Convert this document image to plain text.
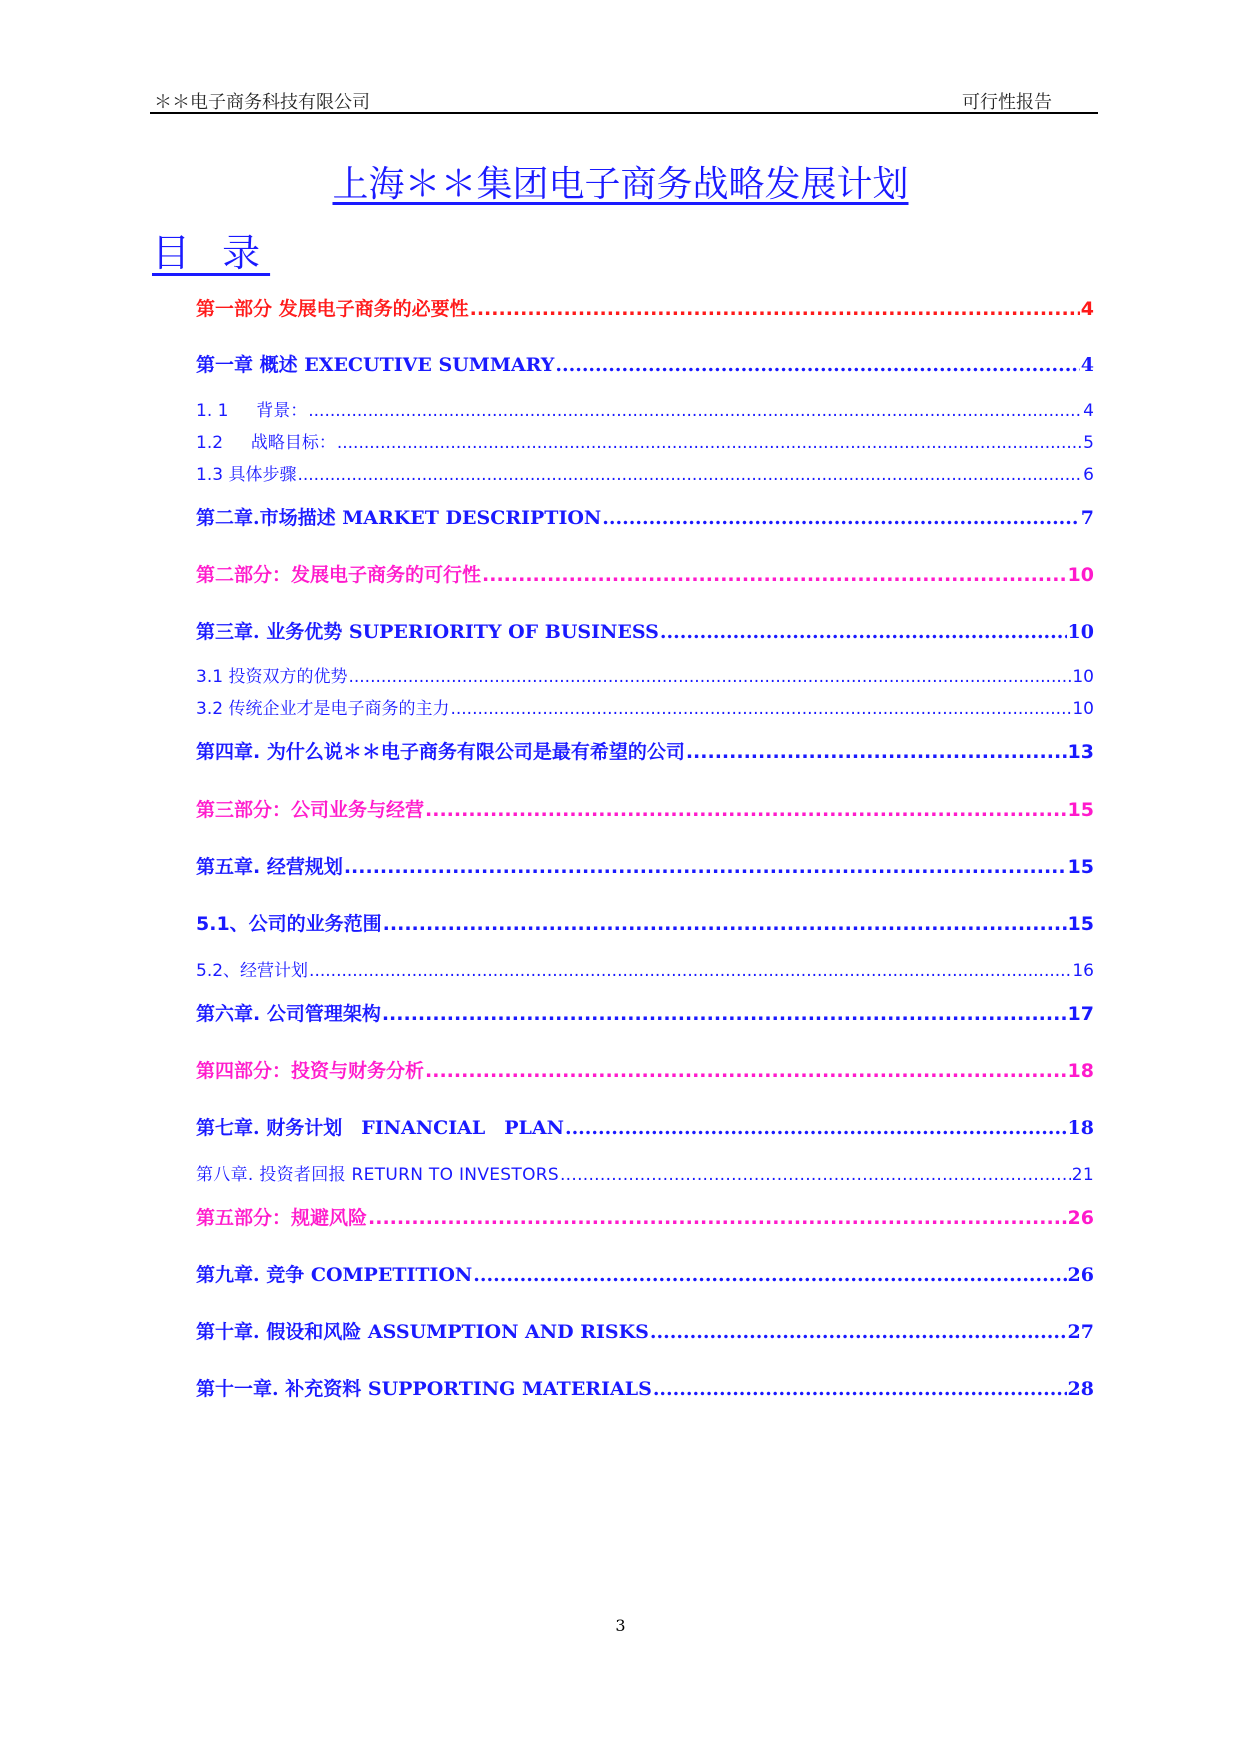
＊＊电子商务科技有限公司	可行性报告
上海＊＊集团电子商务战略发展计划
目 录
第一部分 发展电子商务的必要性 .....	4
第一章 概述 EXECUTIVE SUMMARY .....	4
1. 1 　 背景： .....	4
1.2 　 战略目标： .....	5
1.3 具体步骤 .....	6
第二章.市场描述 MARKET DESCRIPTION .....	7
第二部分：发展电子商务的可行性 .....	10
第三章. 业务优势 SUPERIORITY OF BUSINESS .....	10
3.1 投资双方的优势 .....	10
3.2 传统企业才是电子商务的主力 .....	10
第四章. 为什么说＊＊电子商务有限公司是最有希望的公司 .....	13
第三部分：公司业务与经营 .....	15
第五章. 经营规划 .....	15
5.1、公司的业务范围 .....	15
5.2、经营计划 .....	16
第六章. 公司管理架构 .....	17
第四部分：投资与财务分析 .....	18
第七章. 财务计划　FINANCIAL　PLAN .....	18
第八章. 投资者回报 RETURN TO INVESTORS .....	21
第五部分：规避风险 .....	26
第九章. 竞争 COMPETITION .....	26
第十章. 假设和风险 ASSUMPTION AND RISKS .....	27
第十一章. 补充资料 SUPPORTING MATERIALS .....	28
3
